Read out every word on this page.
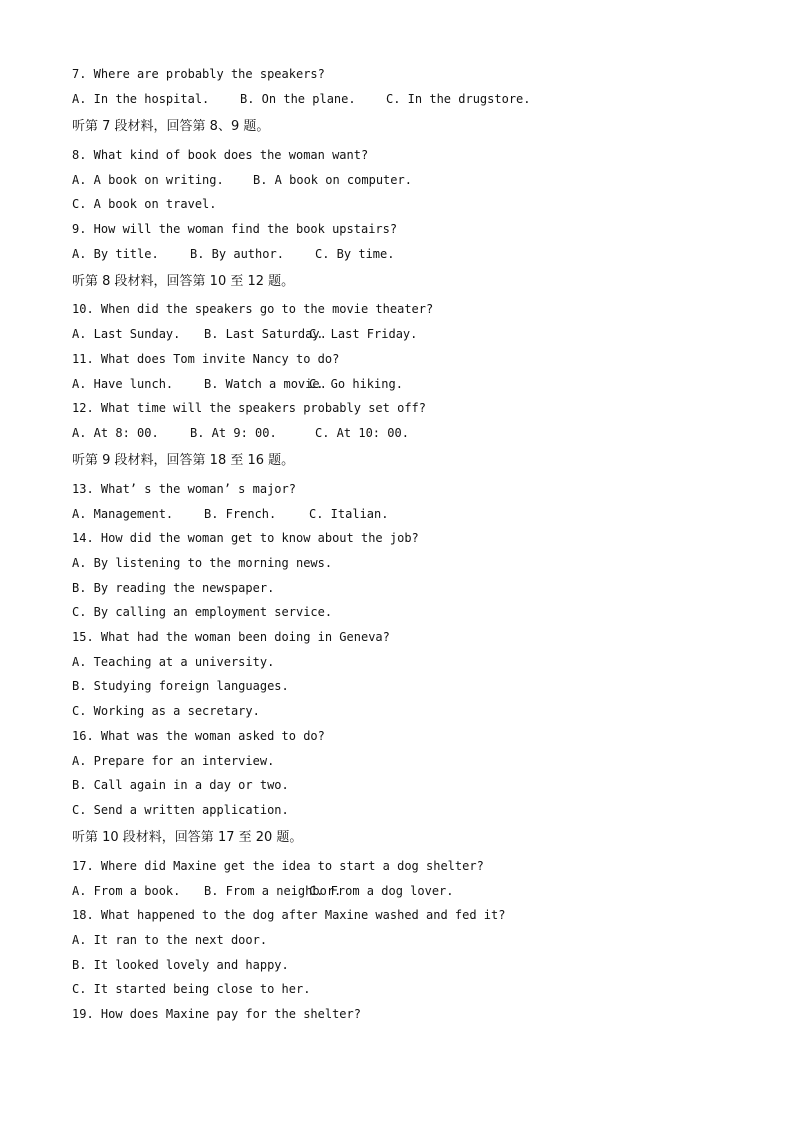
7. Where are probably the speakers?
A. In the hospital.	B. On the plane.	C. In the drugstore.
听第 7 段材料，回答第 8、9 题。
8. What kind of book does the woman want?
A. A book on writing. B. A book on computer.
C. A book on travel.
9. How will the woman find the book upstairs?
A. By title.	B. By author.	C. By time.
听第 8 段材料，回答第 10 至 12 题。
10. When did the speakers go to the movie theater?
A. Last Sunday. B. Last Saturday.
C. Last Friday.
11. What does Tom invite Nancy to do?
A. Have lunch.	B. Watch a movie.
C. Go hiking.
12. What time will the speakers probably set off?
A. At 8: 00.	B. At 9: 00.	C. At 10: 00.
听第 9 段材料，回答第 18 至 16 题。
13. What’ s the woman’ s major?
A. Management.	B. French.	C. Italian.
14. How did the woman get to know about the job?
A. By listening to the morning news.
B. By reading the newspaper.
C. By calling an employment service.
15. What had the woman been doing in Geneva?
A. Teaching at a university.
B. Studying foreign languages.
C. Working as a secretary.
16. What was the woman asked to do?
A. Prepare for an interview.
B. Call again in a day or two.
C. Send a written application.
听第 10 段材料，回答第 17 至 20 题。
17. Where did Maxine get the idea to start a dog shelter?
A. From a book. B. From a neighbor.
C. From a dog lover.
18. What happened to the dog after Maxine washed and fed it?
A. It ran to the next door.
B. It looked lovely and happy.
C. It started being close to her.
19. How does Maxine pay for the shelter?
